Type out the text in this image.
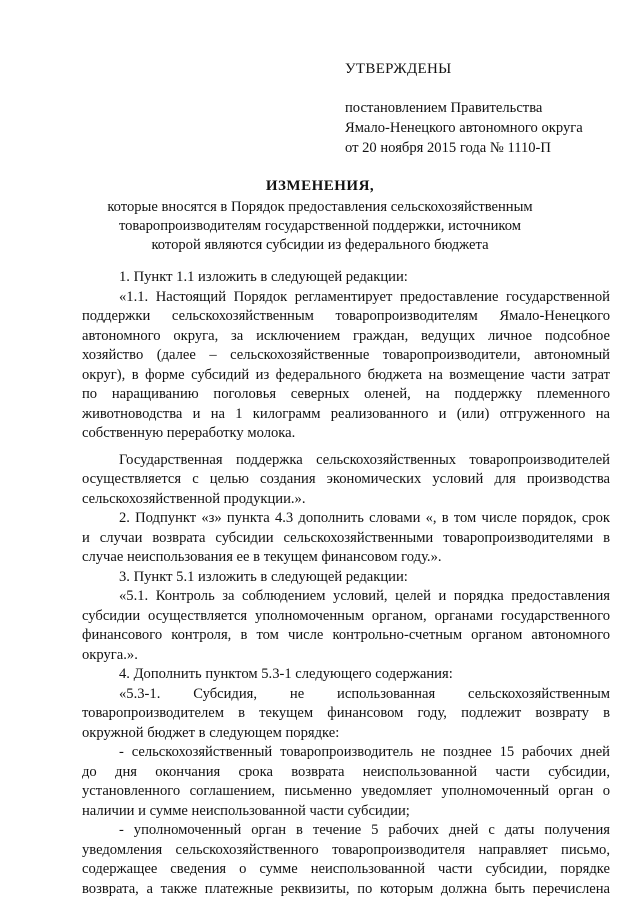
УТВЕРЖДЕНЫ
постановлением Правительства
Ямало-Ненецкого автономного округа
от 20 ноября 2015 года № 1110-П
ИЗМЕНЕНИЯ,
которые вносятся в Порядок предоставления сельскохозяйственным
товаропроизводителям государственной поддержки, источником
которой являются субсидии из федерального бюджета
1. Пункт 1.1 изложить в следующей редакции:
«1.1. Настоящий Порядок регламентирует предоставление государственной
поддержки сельскохозяйственным товаропроизводителям Ямало-Ненецкого
автономного округа, за исключением граждан, ведущих личное подсобное
хозяйство (далее – сельскохозяйственные товаропроизводители, автономный
округ), в форме субсидий из федерального бюджета на возмещение части затрат
по наращиванию поголовья северных оленей, на поддержку племенного
животноводства и на 1 килограмм реализованного и (или) отгруженного на
собственную переработку молока.
Государственная поддержка сельскохозяйственных товаропроизводителей
осуществляется с целью создания экономических условий для производства
сельскохозяйственной продукции.».
2. Подпункт «з» пункта 4.3 дополнить словами «, в том числе порядок, срок
и случаи возврата субсидии сельскохозяйственными товаропроизводителями в
случае неиспользования ее в текущем финансовом году.».
3. Пункт 5.1 изложить в следующей редакции:
«5.1. Контроль за соблюдением условий, целей и порядка предоставления
субсидии осуществляется уполномоченным органом, органами государственного
финансового контроля, в том числе контрольно-счетным органом автономного
округа.».
4. Дополнить пунктом 5.3-1 следующего содержания:
«5.3-1. Субсидия, не использованная сельскохозяйственным
товаропроизводителем в текущем финансовом году, подлежит возврату в
окружной бюджет в следующем порядке:
- сельскохозяйственный товаропроизводитель не позднее 15 рабочих дней
до дня окончания срока возврата неиспользованной части субсидии,
установленного соглашением, письменно уведомляет уполномоченный орган о
наличии и сумме неиспользованной части субсидии;
- уполномоченный орган в течение 5 рабочих дней с даты получения
уведомления сельскохозяйственного товаропроизводителя направляет письмо,
содержащее сведения о сумме неиспользованной части субсидии, порядке
возврата, а также платежные реквизиты, по которым должна быть перечислена
